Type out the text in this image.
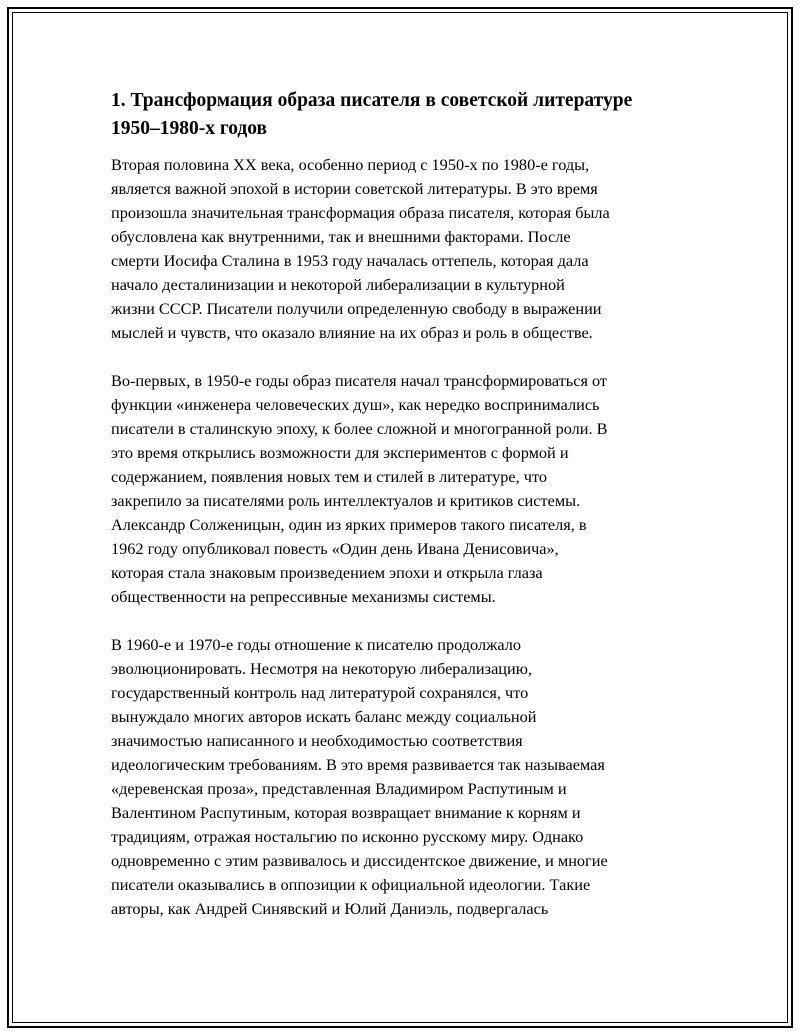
1. Трансформация образа писателя в советской литературе
1950–1980-х годов

Вторая половина XX века, особенно период с 1950-х по 1980-е годы,
является важной эпохой в истории советской литературы. В это время
произошла значительная трансформация образа писателя, которая была
обусловлена как внутренними, так и внешними факторами. После
смерти Иосифа Сталина в 1953 году началась оттепель, которая дала
начало десталинизации и некоторой либерализации в культурной
жизни СССР. Писатели получили определенную свободу в выражении
мыслей и чувств, что оказало влияние на их образ и роль в обществе.

Во-первых, в 1950-е годы образ писателя начал трансформироваться от
функции «инженера человеческих душ», как нередко воспринимались
писатели в сталинскую эпоху, к более сложной и многогранной роли. В
это время открылись возможности для экспериментов с формой и
содержанием, появления новых тем и стилей в литературе, что
закрепило за писателями роль интеллектуалов и критиков системы.
Александр Солженицын, один из ярких примеров такого писателя, в
1962 году опубликовал повесть «Один день Ивана Денисовича»,
которая стала знаковым произведением эпохи и открыла глаза
общественности на репрессивные механизмы системы.

В 1960-е и 1970-е годы отношение к писателю продолжало
эволюционировать. Несмотря на некоторую либерализацию,
государственный контроль над литературой сохранялся, что
вынуждало многих авторов искать баланс между социальной
значимостью написанного и необходимостью соответствия
идеологическим требованиям. В это время развивается так называемая
«деревенская проза», представленная Владимиром Распутиным и
Валентином Распутиным, которая возвращает внимание к корням и
традициям, отражая ностальгию по исконно русскому миру. Однако
одновременно с этим развивалось и диссидентское движение, и многие
писатели оказывались в оппозиции к официальной идеологии. Такие
авторы, как Андрей Синявский и Юлий Даниэль, подвергалась
